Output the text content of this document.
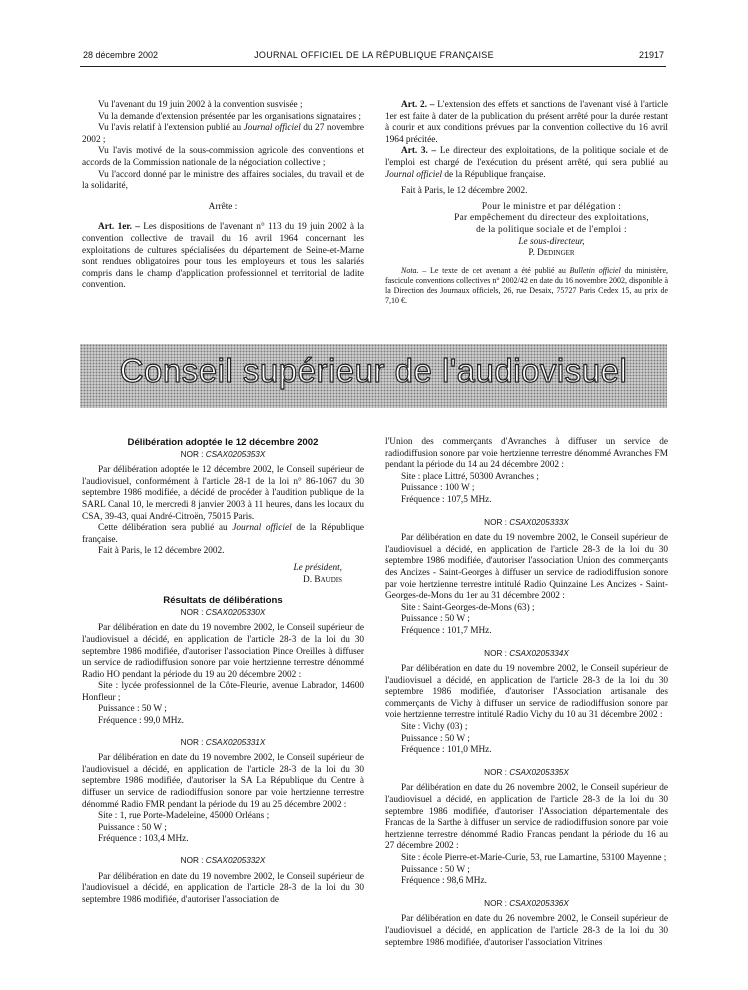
28 décembre 2002	JOURNAL OFFICIEL DE LA RÉPUBLIQUE FRANÇAISE	21917

Vu l'avenant du 19 juin 2002 à la convention susvisée ;

Vu la demande d'extension présentée par les organisations signataires ;

Vu l'avis relatif à l'extension publié au Journal officiel du 27 novembre 2002 ;

Vu l'avis motivé de la sous-commission agricole des conventions et accords de la Commission nationale de la négociation collective ;

Vu l'accord donné par le ministre des affaires sociales, du travail et de la solidarité,

Arrête :

Art. 1er. – Les dispositions de l'avenant n° 113 du 19 juin 2002 à la convention collective de travail du 16 avril 1964 concernant les exploitations de cultures spécialisées du département de Seine-et-Marne sont rendues obligatoires pour tous les employeurs et tous les salariés compris dans le champ d'application professionnel et territorial de ladite convention.

Art. 2. – L'extension des effets et sanctions de l'avenant visé à l'article 1er est faite à dater de la publication du présent arrêté pour la durée restant à courir et aux conditions prévues par la convention collective du 16 avril 1964 précitée.

Art. 3. – Le directeur des exploitations, de la politique sociale et de l'emploi est chargé de l'exécution du présent arrêté, qui sera publié au Journal officiel de la République française.

Fait à Paris, le 12 décembre 2002.

Pour le ministre et par délégation :

Par empêchement du directeur des exploitations,

de la politique sociale et de l'emploi :

Le sous-directeur,

P. Dedinger

Nota. – Le texte de cet avenant a été publié au Bulletin officiel du ministère, fascicule conventions collectives n° 2002/42 en date du 16 novembre 2002, disponible à la Direction des Journaux officiels, 26, rue Desaix, 75727 Paris Cedex 15, au prix de 7,10 €.

Conseil supérieur de l'audiovisuel

Délibération adoptée le 12 décembre 2002

NOR : CSAX0205353X

Par délibération adoptée le 12 décembre 2002, le Conseil supérieur de l'audiovisuel, conformément à l'article 28-1 de la loi n° 86-1067 du 30 septembre 1986 modifiée, a décidé de procéder à l'audition publique de la SARL Canal 10, le mercredi 8 janvier 2003 à 11 heures, dans les locaux du CSA, 39-43, quai André-Citroën, 75015 Paris.

Cette délibération sera publié au Journal officiel de la République française.

Fait à Paris, le 12 décembre 2002.

Le président,

D. Baudis

Résultats de délibérations

NOR : CSAX0205330X

Par délibération en date du 19 novembre 2002, le Conseil supérieur de l'audiovisuel a décidé, en application de l'article 28-3 de la loi du 30 septembre 1986 modifiée, d'autoriser l'association Pince Oreilles à diffuser un service de radiodiffusion sonore par voie hertzienne terrestre dénommé Radio HO pendant la période du 19 au 20 décembre 2002 :

Site : lycée professionnel de la Côte-Fleurie, avenue Labrador, 14600 Honfleur ;

Puissance : 50 W ;

Fréquence : 99,0 MHz.

NOR : CSAX0205331X

Par délibération en date du 19 novembre 2002, le Conseil supérieur de l'audiovisuel a décidé, en application de l'article 28-3 de la loi du 30 septembre 1986 modifiée, d'autoriser la SA La République du Centre à diffuser un service de radiodiffusion sonore par voie hertzienne terrestre dénommé Radio FMR pendant la période du 19 au 25 décembre 2002 :

Site : 1, rue Porte-Madeleine, 45000 Orléans ;

Puissance : 50 W ;

Fréquence : 103,4 MHz.

NOR : CSAX0205332X

Par délibération en date du 19 novembre 2002, le Conseil supérieur de l'audiovisuel a décidé, en application de l'article 28-3 de la loi du 30 septembre 1986 modifiée, d'autoriser l'association de

l'Union des commerçants d'Avranches à diffuser un service de radiodiffusion sonore par voie hertzienne terrestre dénommé Avranches FM pendant la période du 14 au 24 décembre 2002 :

Site : place Littré, 50300 Avranches ;

Puissance : 100 W ;

Fréquence : 107,5 MHz.

NOR : CSAX0205333X

Par délibération en date du 19 novembre 2002, le Conseil supérieur de l'audiovisuel a décidé, en application de l'article 28-3 de la loi du 30 septembre 1986 modifiée, d'autoriser l'association Union des commerçants des Ancizes - Saint-Georges à diffuser un service de radiodiffusion sonore par voie hertzienne terrestre intitulé Radio Quinzaine Les Ancizes - Saint-Georges-de-Mons du 1er au 31 décembre 2002 :

Site : Saint-Georges-de-Mons (63) ;

Puissance : 50 W ;

Fréquence : 101,7 MHz.

NOR : CSAX0205334X

Par délibération en date du 19 novembre 2002, le Conseil supérieur de l'audiovisuel a décidé, en application de l'article 28-3 de la loi du 30 septembre 1986 modifiée, d'autoriser l'Association artisanale des commerçants de Vichy à diffuser un service de radiodiffusion sonore par voie hertzienne terrestre intitulé Radio Vichy du 10 au 31 décembre 2002 :

Site : Vichy (03) ;

Puissance : 50 W ;

Fréquence : 101,0 MHz.

NOR : CSAX0205335X

Par délibération en date du 26 novembre 2002, le Conseil supérieur de l'audiovisuel a décidé, en application de l'article 28-3 de la loi du 30 septembre 1986 modifiée, d'autoriser l'Association départementale des Francas de la Sarthe à diffuser un service de radiodiffusion sonore par voie hertzienne terrestre dénommé Radio Francas pendant la période du 16 au 27 décembre 2002 :

Site : école Pierre-et-Marie-Curie, 53, rue Lamartine, 53100 Mayenne ;

Puissance : 50 W ;

Fréquence : 98,6 MHz.

NOR : CSAX0205336X

Par délibération en date du 26 novembre 2002, le Conseil supérieur de l'audiovisuel a décidé, en application de l'article 28-3 de la loi du 30 septembre 1986 modifiée, d'autoriser l'association Vitrines
